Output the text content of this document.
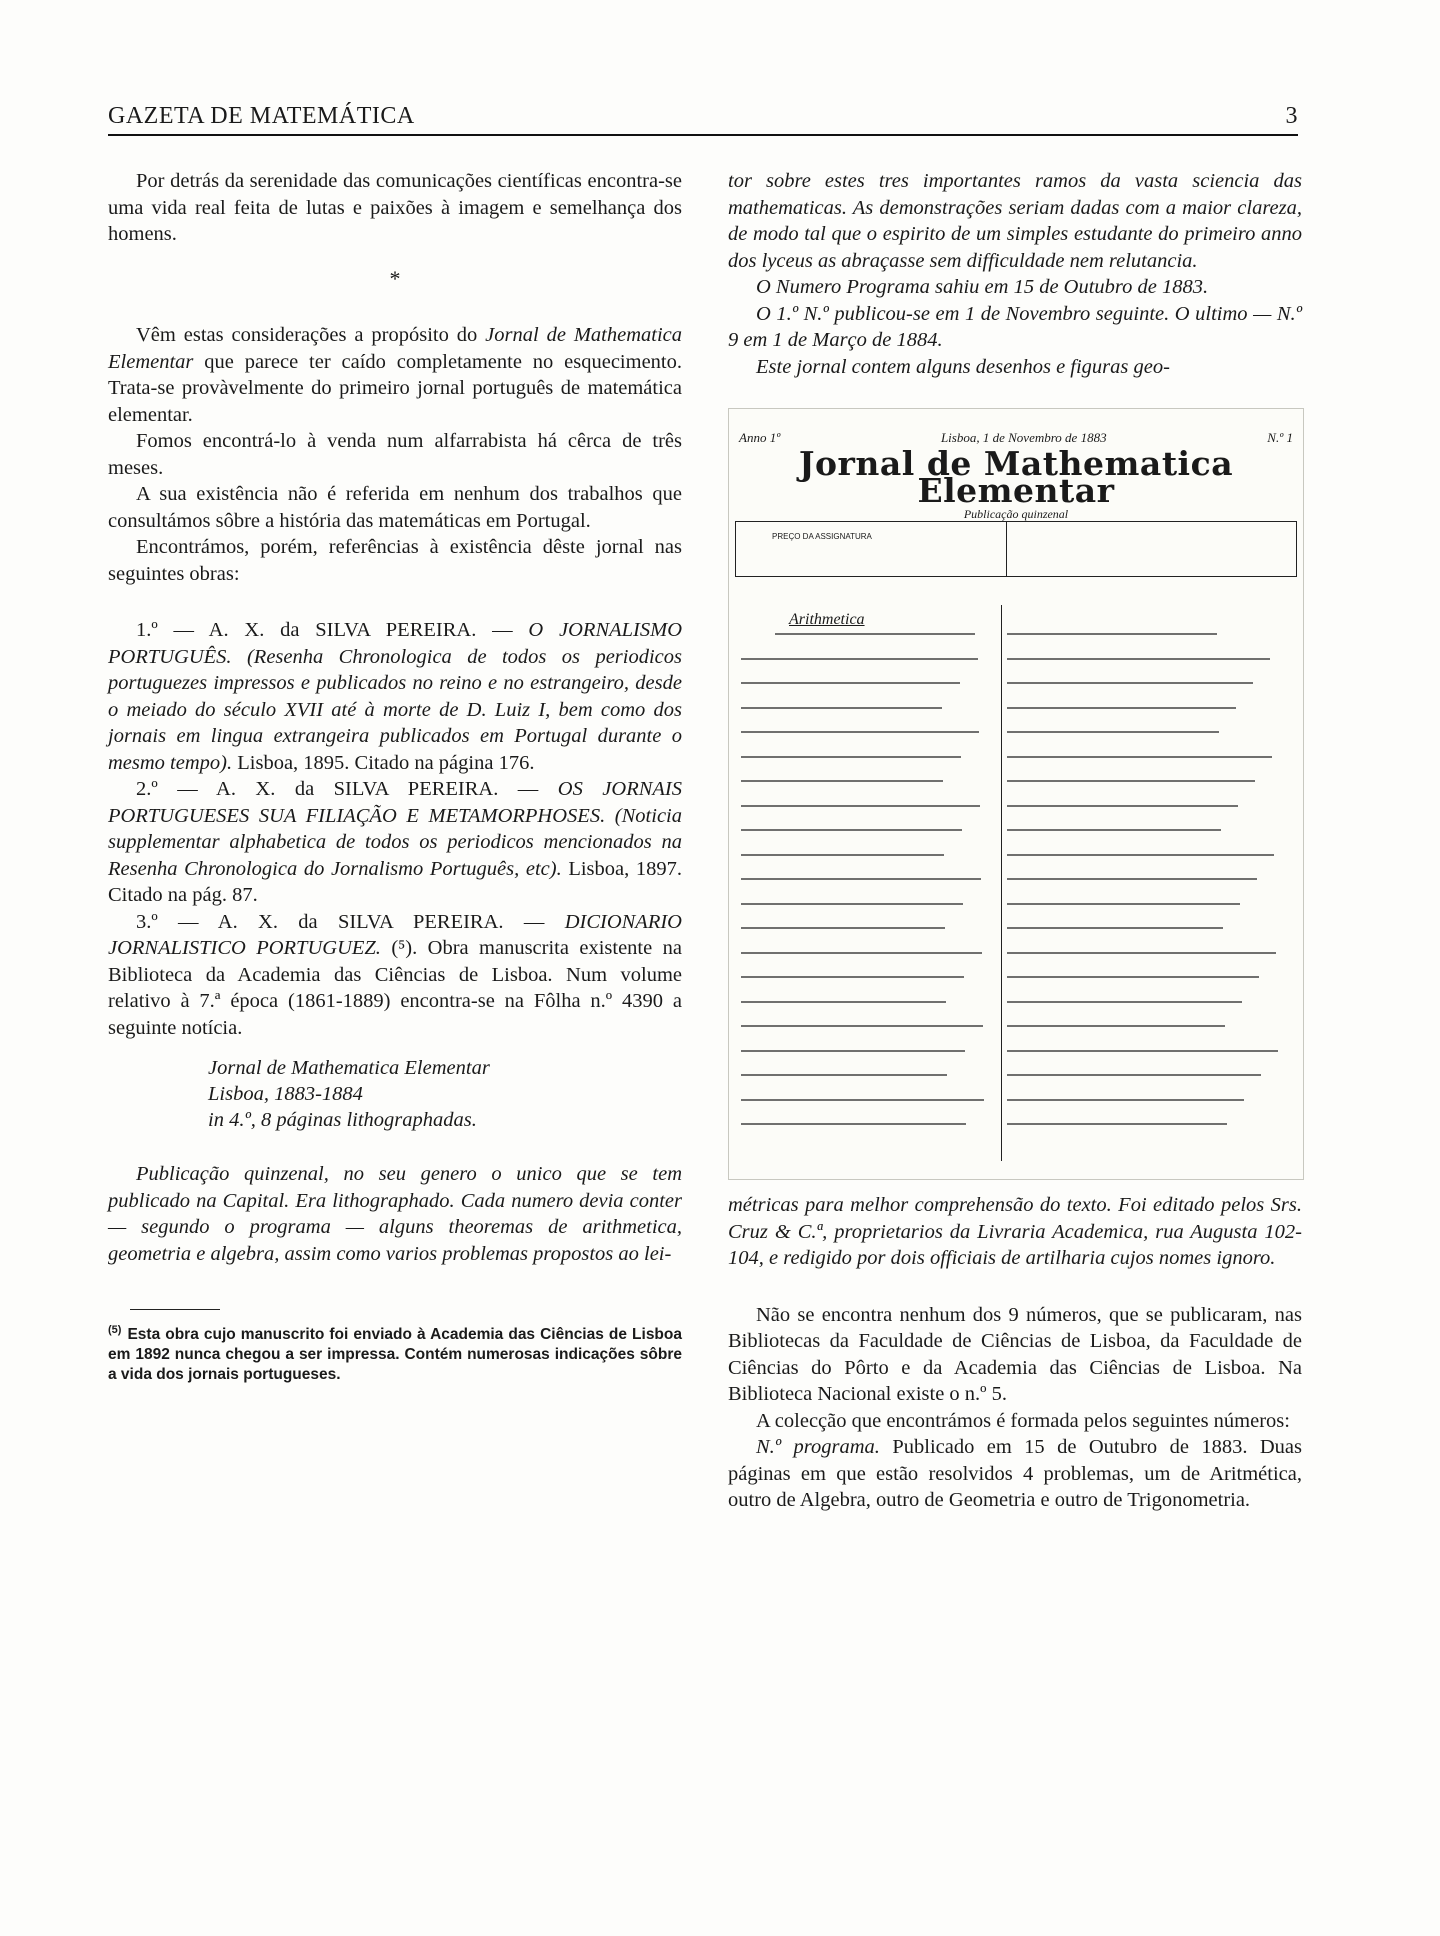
GAZETA DE MATEMÁTICA	3

Por detrás da serenidade das comunicações científicas encontra-se uma vida real feita de lutas e paixões à imagem e semelhança dos homens.

*

Vêm estas considerações a propósito do Jornal de Mathematica Elementar que parece ter caído completamente no esquecimento. Trata-se provàvelmente do primeiro jornal português de matemática elementar.

Fomos encontrá-lo à venda num alfarrabista há cêrca de três meses.

A sua existência não é referida em nenhum dos trabalhos que consultámos sôbre a história das matemáticas em Portugal.

Encontrámos, porém, referências à existência dêste jornal nas seguintes obras:

1.º — A. X. da SILVA PEREIRA. — O JORNALISMO PORTUGUÊS. (Resenha Chronologica de todos os periodicos portuguezes impressos e publicados no reino e no estrangeiro, desde o meiado do século XVII até à morte de D. Luiz I, bem como dos jornais em lingua extrangeira publicados em Portugal durante o mesmo tempo). Lisboa, 1895. Citado na página 176.

2.º — A. X. da SILVA PEREIRA. — OS JORNAIS PORTUGUESES SUA FILIAÇÃO E METAMORPHOSES. (Noticia supplementar alphabetica de todos os periodicos mencionados na Resenha Chronologica do Jornalismo Português, etc). Lisboa, 1897. Citado na pág. 87.

3.º — A. X. da SILVA PEREIRA. — DICIONARIO JORNALISTICO PORTUGUEZ. (⁵). Obra manuscrita existente na Biblioteca da Academia das Ciências de Lisboa. Num volume relativo à 7.ª época (1861-1889) encontra-se na Fôlha n.º 4390 a seguinte notícia.

Jornal de Mathematica Elementar
Lisboa, 1883-1884
in 4.º, 8 páginas lithographadas.

Publicação quinzenal, no seu genero o unico que se tem publicado na Capital. Era lithographado. Cada numero devia conter — segundo o programa — alguns theoremas de arithmetica, geometria e algebra, assim como varios problemas propostos ao lei-

$^{(5)}$ Esta obra cujo manuscrito foi enviado à Academia das Ciências de Lisboa em 1892 nunca chegou a ser impressa. Contém numerosas indicações sôbre a vida dos jornais portugueses.

tor sobre estes tres importantes ramos da vasta sciencia das mathematicas. As demonstrações seriam dadas com a maior clareza, de modo tal que o espirito de um simples estudante do primeiro anno dos lyceus as abraçasse sem difficuldade nem relutancia.

O Numero Programa sahiu em 15 de Outubro de 1883.

O 1.º N.º publicou-se em 1 de Novembro seguinte. O ultimo — N.º 9 em 1 de Março de 1884.

Este jornal contem alguns desenhos e figuras geo-

Anno 1º	Lisboa, 1 de Novembro de 1883	N.º 1
Jornal de Mathematica Elementar
Publicação quinzenal
PREÇO DA ASSIGNATURA
Arithmetica

métricas para melhor comprehensão do texto. Foi editado pelos Srs. Cruz & C.ª, proprietarios da Livraria Academica, rua Augusta 102-104, e redigido por dois officiais de artilharia cujos nomes ignoro.

Não se encontra nenhum dos 9 números, que se publicaram, nas Bibliotecas da Faculdade de Ciências de Lisboa, da Faculdade de Ciências do Pôrto e da Academia das Ciências de Lisboa. Na Biblioteca Nacional existe o n.º 5.

A colecção que encontrámos é formada pelos seguintes números:

N.º programa. Publicado em 15 de Outubro de 1883. Duas páginas em que estão resolvidos 4 problemas, um de Aritmética, outro de Algebra, outro de Geometria e outro de Trigonometria.
